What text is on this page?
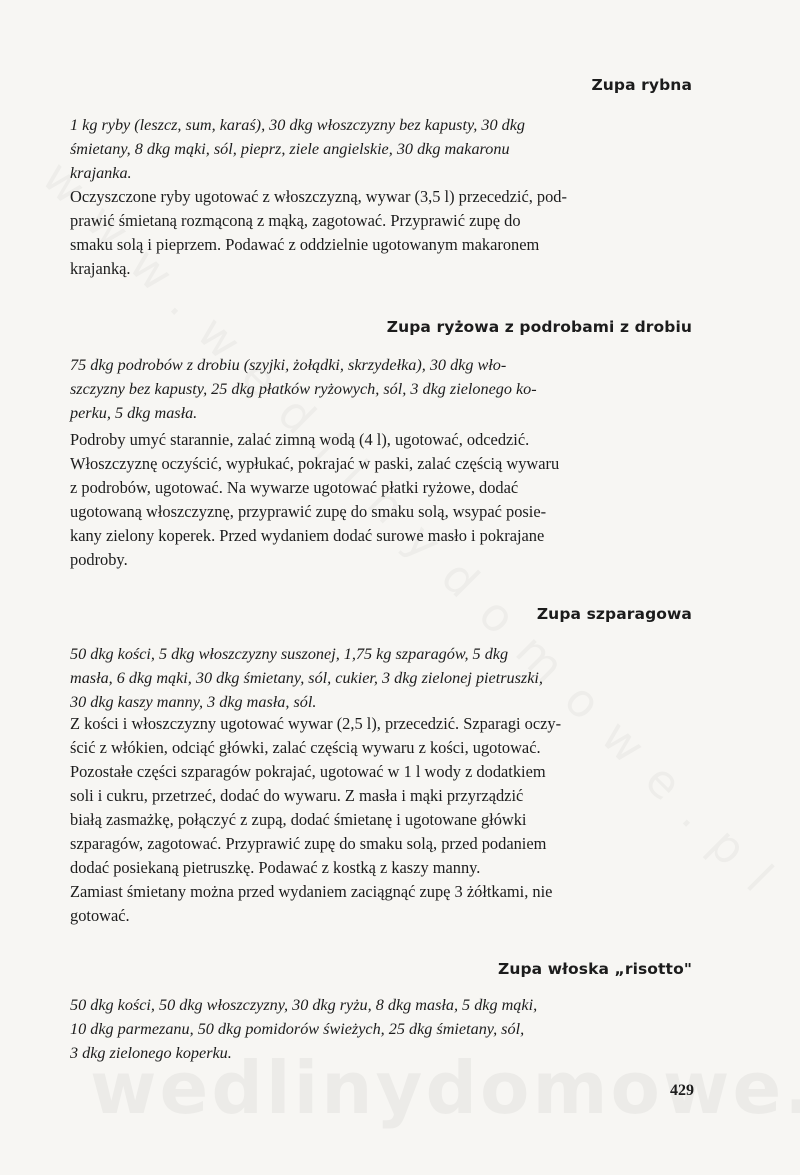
Zupa rybna
1 kg ryby (leszcz, sum, karaś), 30 dkg włoszczyzny bez kapusty, 30 dkg
śmietany, 8 dkg mąki, sól, pieprz, ziele angielskie, 30 dkg makaronu
krajanka.
Oczyszczone ryby ugotować z włoszczyzną, wywar (3,5 l) przecedzić, pod-
prawić śmietaną rozmąconą z mąką, zagotować. Przyprawić zupę do
smaku solą i pieprzem. Podawać z oddzielnie ugotowanym makaronem
krajanką.
Zupa ryżowa z podrobami z drobiu
75 dkg podrobów z drobiu (szyjki, żołądki, skrzydełka), 30 dkg wło-
szczyzny bez kapusty, 25 dkg płatków ryżowych, sól, 3 dkg zielonego ko-
perku, 5 dkg masła.
Podroby umyć starannie, zalać zimną wodą (4 l), ugotować, odcedzić.
Włoszczyznę oczyścić, wypłukać, pokrajać w paski, zalać częścią wywaru
z podrobów, ugotować. Na wywarze ugotować płatki ryżowe, dodać
ugotowaną włoszczyznę, przyprawić zupę do smaku solą, wsypać posie-
kany zielony koperek. Przed wydaniem dodać surowe masło i pokrajane
podroby.
Zupa szparagowa
50 dkg kości, 5 dkg włoszczyzny suszonej, 1,75 kg szparagów, 5 dkg
masła, 6 dkg mąki, 30 dkg śmietany, sól, cukier, 3 dkg zielonej pietruszki,
30 dkg kaszy manny, 3 dkg masła, sól.
Z kości i włoszczyzny ugotować wywar (2,5 l), przecedzić. Szparagi oczy-
ścić z włókien, odciąć główki, zalać częścią wywaru z kości, ugotować.
Pozostałe części szparagów pokrajać, ugotować w 1 l wody z dodatkiem
soli i cukru, przetrzeć, dodać do wywaru. Z masła i mąki przyrządzić
białą zasmażkę, połączyć z zupą, dodać śmietanę i ugotowane główki
szparagów, zagotować. Przyprawić zupę do smaku solą, przed podaniem
dodać posiekaną pietruszkę. Podawać z kostką z kaszy manny.
Zamiast śmietany można przed wydaniem zaciągnąć zupę 3 żółtkami, nie
gotować.
Zupa włoska „risotto"
50 dkg kości, 50 dkg włoszczyzny, 30 dkg ryżu, 8 dkg masła, 5 dkg mąki,
10 dkg parmezanu, 50 dkg pomidorów świeżych, 25 dkg śmietany, sól,
3 dkg zielonego koperku.
429
